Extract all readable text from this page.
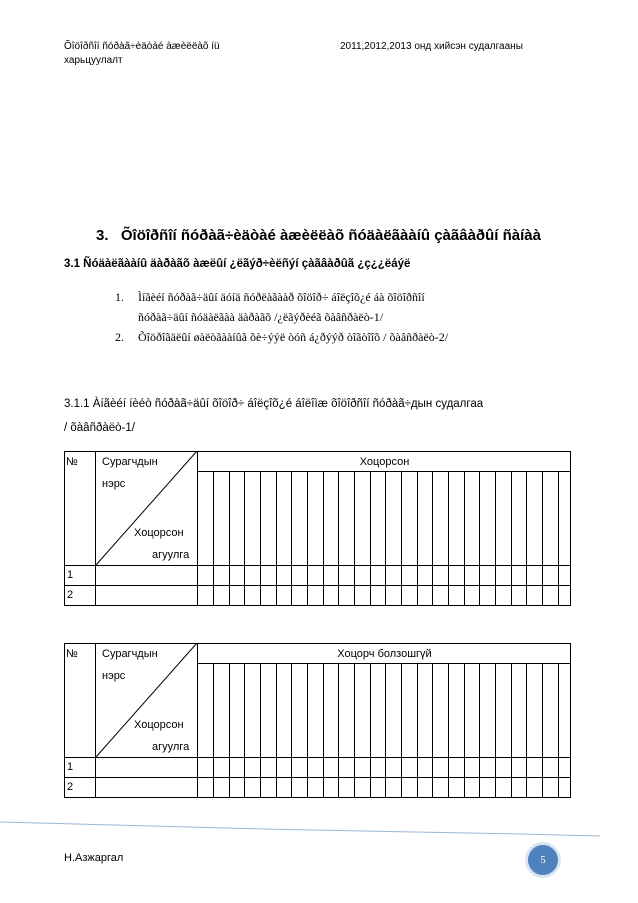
Õîöîðñîí ñóðàã÷èäòàé àæèëëàõ íü
харьцуулалт
2011,2012,2013 онд хийсэн судалгааны
3. Õîöîðñîí ñóðàã÷èäòàé àæèëëàõ ñóäàëãààíû çàãâàðûí ñàíàà
3.1 Ñóäàëãààíû äàðàãõ àæëûí ¿ëãýð÷èëñýí çàãâàðûã ¿ç¿¿ëáýë
1. Ìíãèéí ñóðàã÷äûí äóíä ñóðëàãààð õîöîð÷ áîëçîõ¿é áà õîöîðñîí
ñóðàã÷äûí ñóäàëãàà äàðàãõ /¿ëãýðèéã õàâñðàëò-1/
2. Õîöðîãäëûí øàëòãààíûã õè÷ýýë òóñ á¿ðýýð òîãòîîõ / õàâñðàëò-2/
3.1.1 Àíãèéí íèéò ñóðàã÷äûí õîöîð÷ áîëçîõ¿é áîëîìæ õîöîðñîí ñóðàã÷дын судалгаа
/ õàâñðàëò-1/
№ Сурагчдын
нэрс
Хоцорсон
агуулга
Хоцорсон
1
2
№ Сурагчдын
нэрс
Хоцорсон
агуулга
Хоцорч болзошгүй
1
2
Н.Азжаргал	5
